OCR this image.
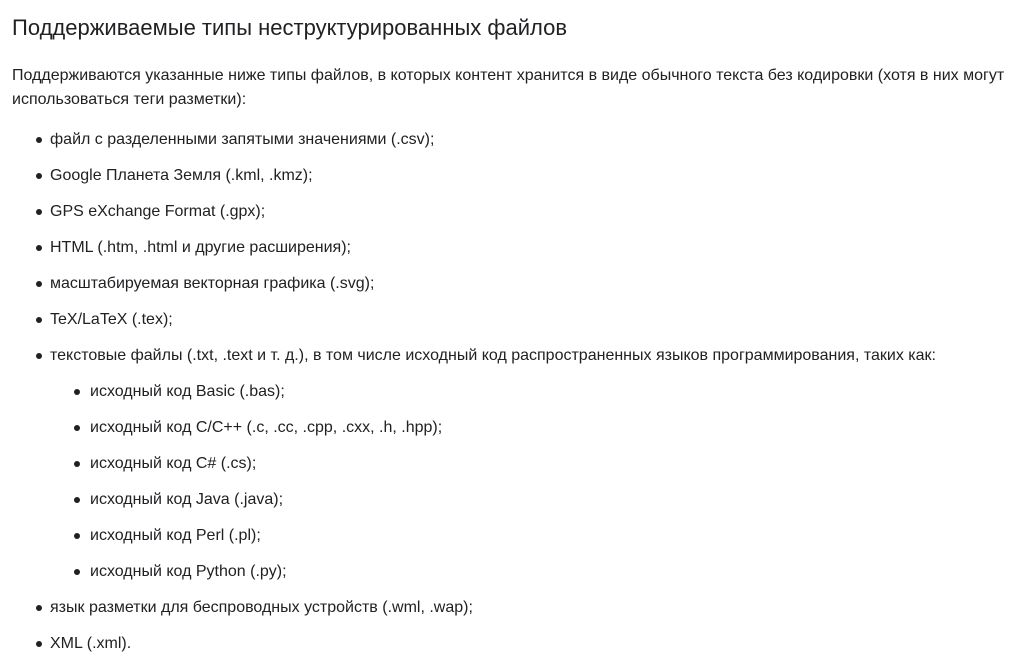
Поддерживаемые типы неструктурированных файлов

Поддерживаются указанные ниже типы файлов, в которых контент хранится в виде обычного текста без кодировки (хотя в них могут использоваться теги разметки):

файл с разделенными запятыми значениями (.csv);
Google Планета Земля (.kml, .kmz);
GPS eXchange Format (.gpx);
HTML (.htm, .html и другие расширения);
масштабируемая векторная графика (.svg);
TeX/LaTeX (.tex);
текстовые файлы (.txt, .text и т. д.), в том числе исходный код распространенных языков программирования, таких как:
исходный код Basic (.bas);
исходный код C/C++ (.c, .cc, .cpp, .cxx, .h, .hpp);
исходный код C# (.cs);
исходный код Java (.java);
исходный код Perl (.pl);
исходный код Python (.py);
язык разметки для беспроводных устройств (.wml, .wap);
XML (.xml).
